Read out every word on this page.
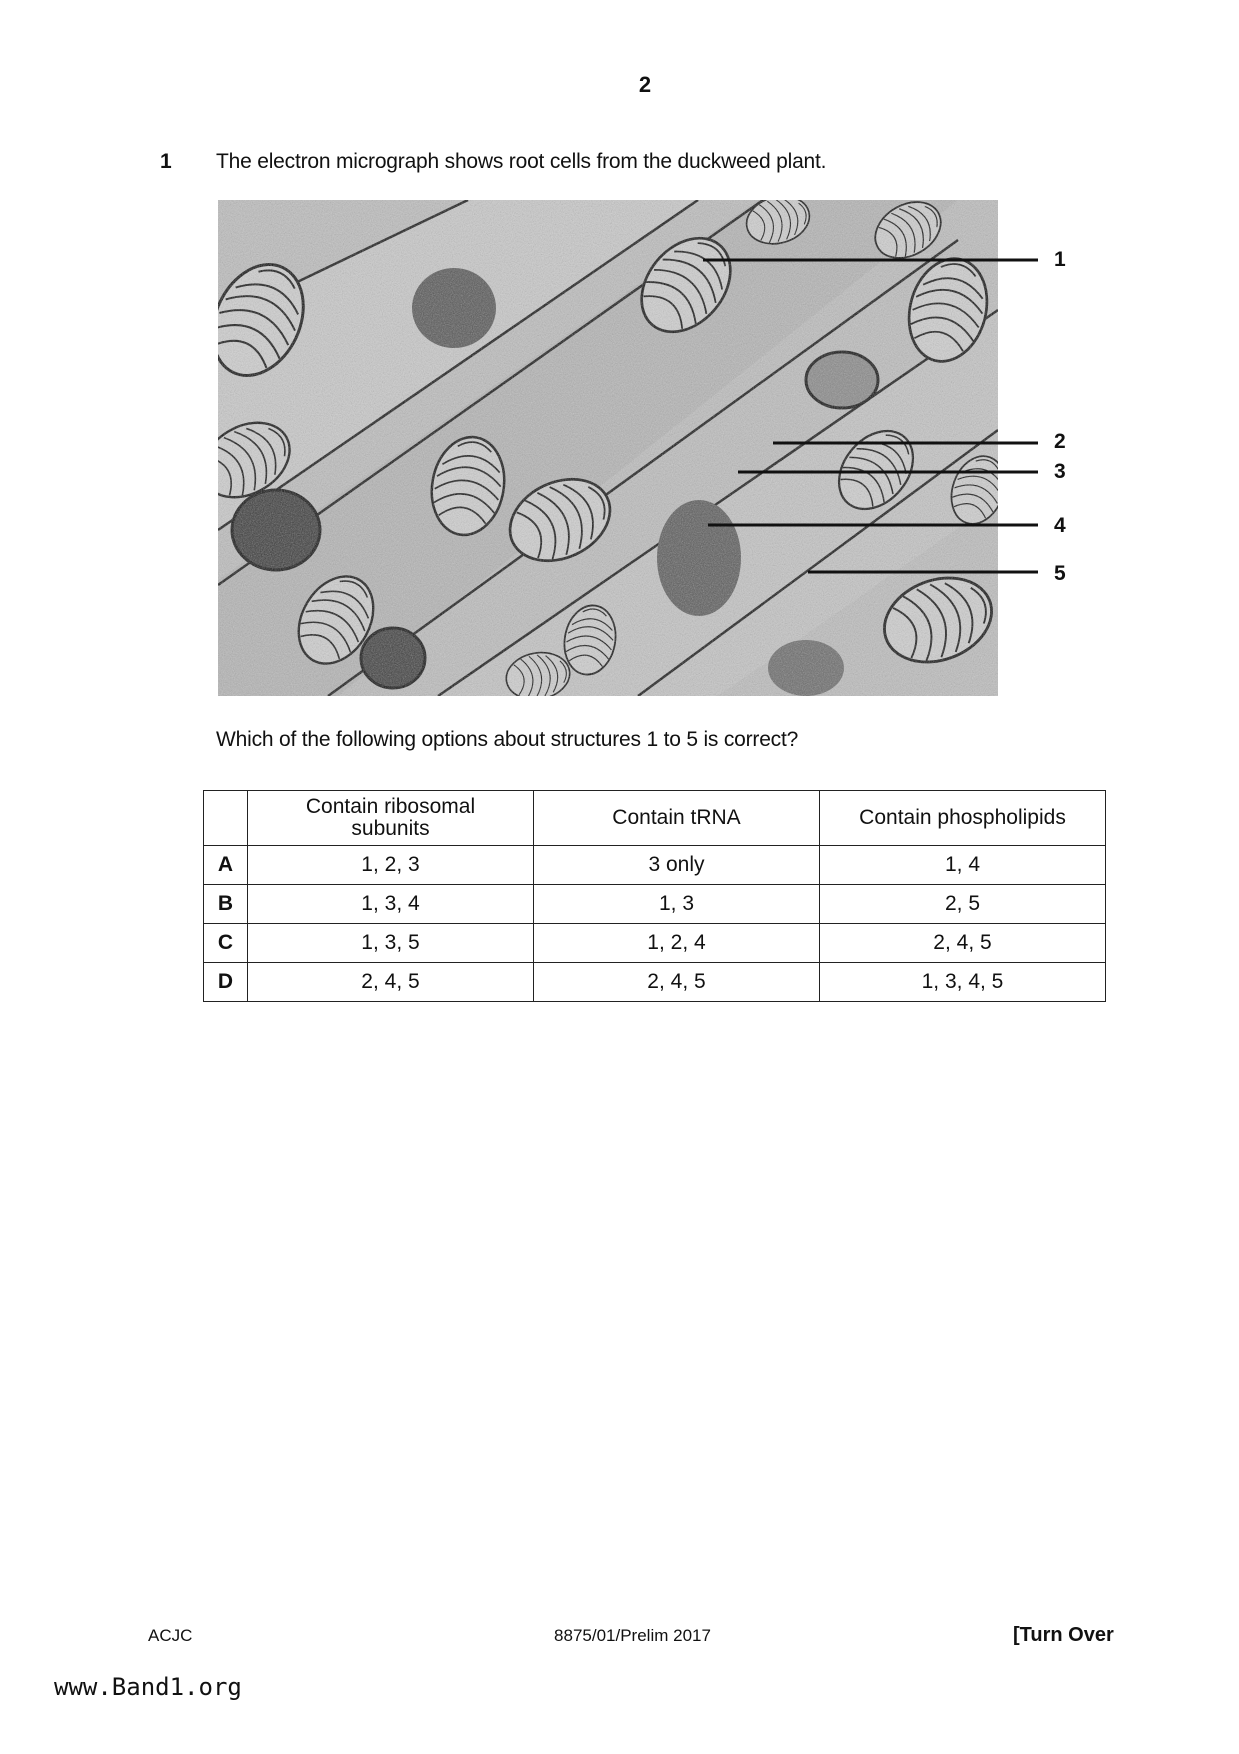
2
1 The electron micrograph shows root cells from the duckweed plant.
1
2
3
4
5
Which of the following options about structures 1 to 5 is correct?
	Contain ribosomal subunits	Contain tRNA	Contain phospholipids
A	1, 2, 3	3 only	1, 4
B	1, 3, 4	1, 3	2, 5
C	1, 3, 5	1, 2, 4	2, 4, 5
D	2, 4, 5	2, 4, 5	1, 3, 4, 5
ACJC	8875/01/Prelim 2017	[Turn Over
www.Band1.org
